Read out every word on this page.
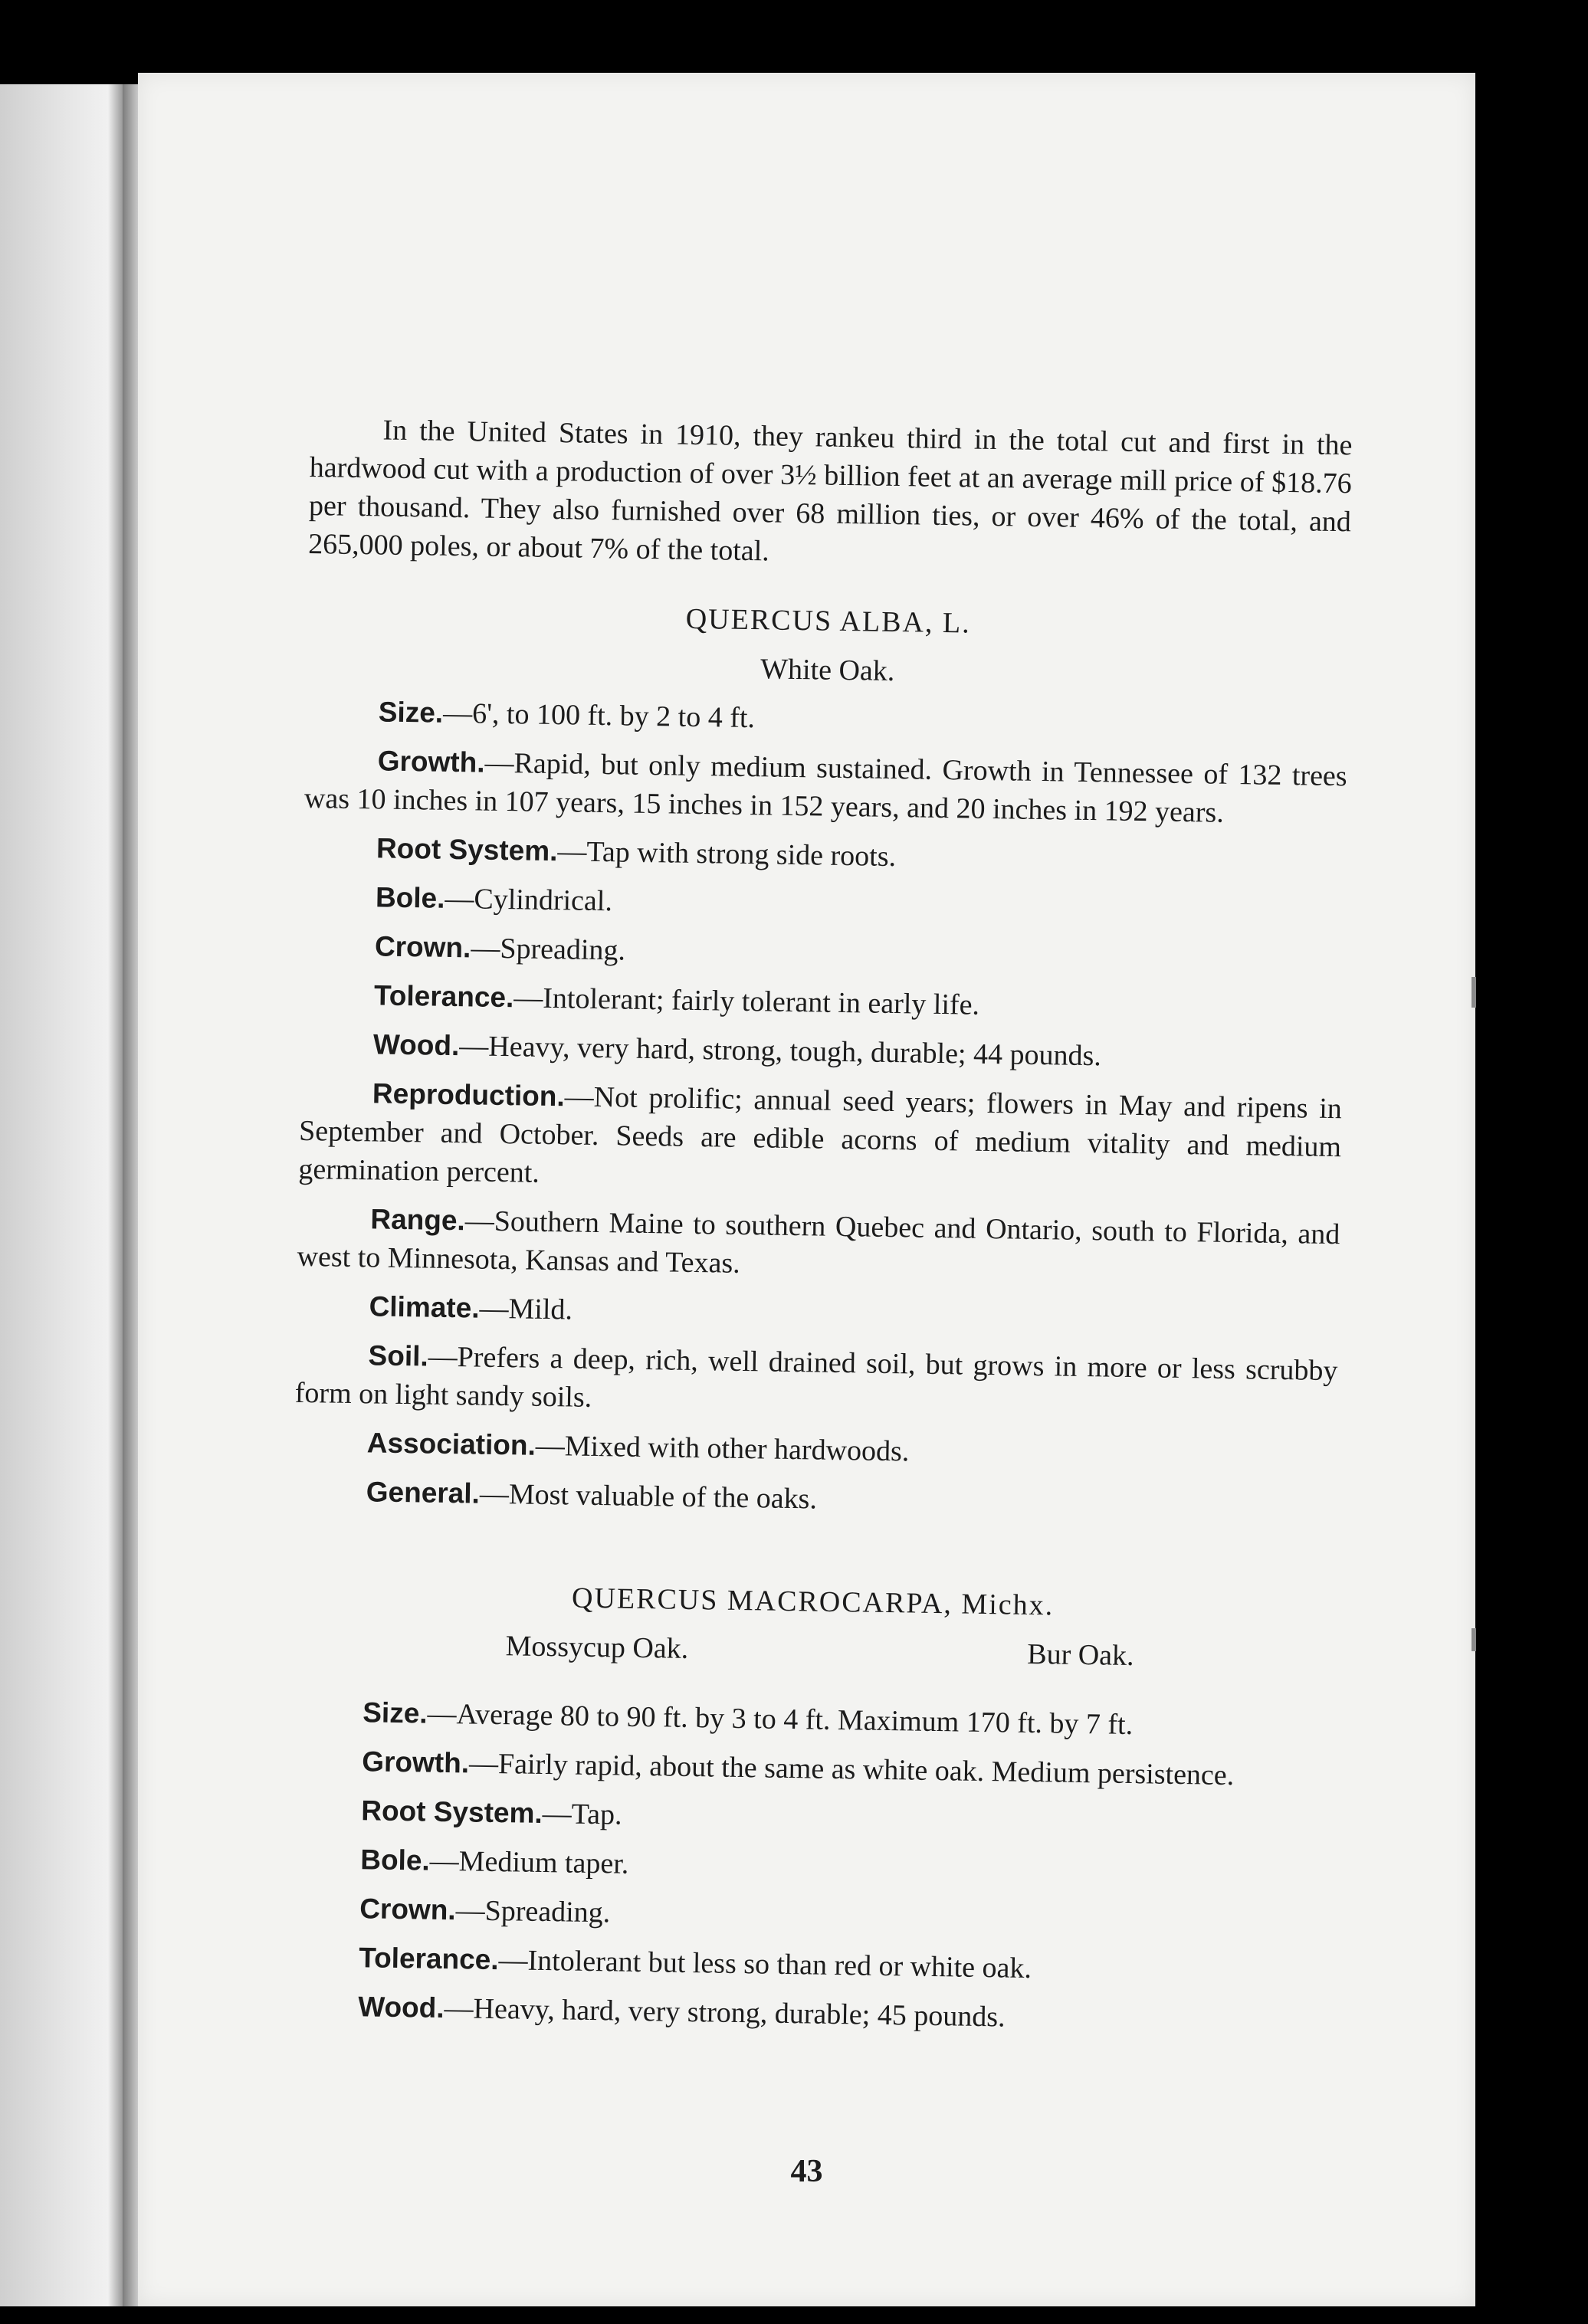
In the United States in 1910, they rankeu third in the total cut and first in the hardwood cut with a production of over 3½ billion feet at an average mill price of $18.76 per thousand. They also furnished over 68 million ties, or over 46% of the total, and 265,000 poles, or about 7% of the total.

QUERCUS ALBA, L.

White Oak.

Size.—6', to 100 ft. by 2 to 4 ft.

Growth.—Rapid, but only medium sustained. Growth in Tennessee of 132 trees was 10 inches in 107 years, 15 inches in 152 years, and 20 inches in 192 years.

Root System.—Tap with strong side roots.

Bole.—Cylindrical.

Crown.—Spreading.

Tolerance.—Intolerant; fairly tolerant in early life.

Wood.—Heavy, very hard, strong, tough, durable; 44 pounds.

Reproduction.—Not prolific; annual seed years; flowers in May and ripens in September and October. Seeds are edible acorns of medium vitality and medium germination percent.

Range.—Southern Maine to southern Quebec and Ontario, south to Florida, and west to Minnesota, Kansas and Texas.

Climate.—Mild.

Soil.—Prefers a deep, rich, well drained soil, but grows in more or less scrubby form on light sandy soils.

Association.—Mixed with other hardwoods.

General.—Most valuable of the oaks.

QUERCUS MACROCARPA, Michx.

Mossycup Oak.	Bur Oak.

Size.—Average 80 to 90 ft. by 3 to 4 ft. Maximum 170 ft. by 7 ft.

Growth.—Fairly rapid, about the same as white oak. Medium persistence.

Root System.—Tap.

Bole.—Medium taper.

Crown.—Spreading.

Tolerance.—Intolerant but less so than red or white oak.

Wood.—Heavy, hard, very strong, durable; 45 pounds.

43
